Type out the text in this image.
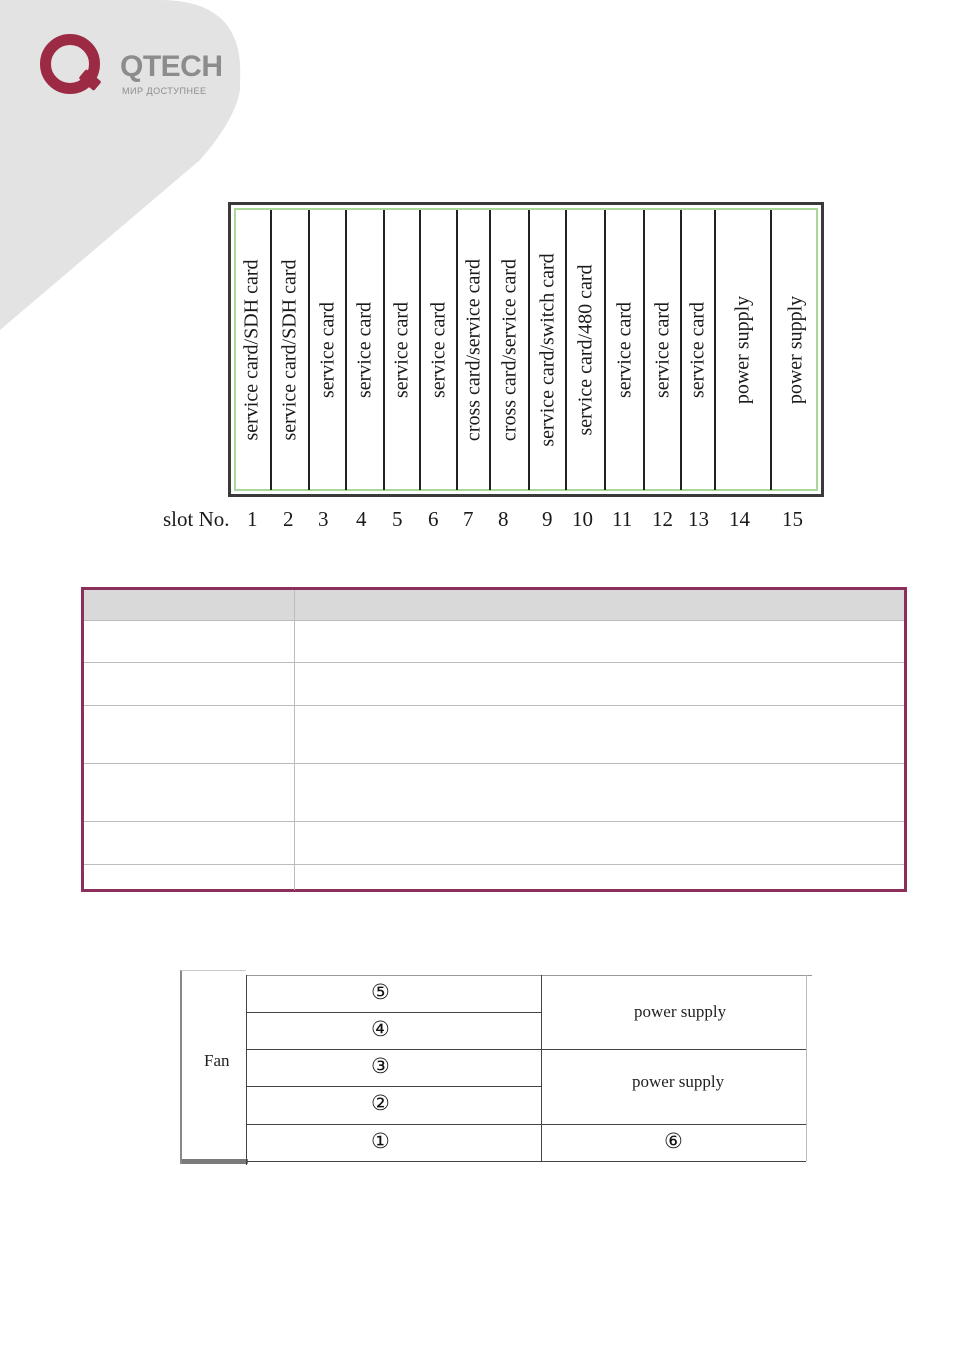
QTECH
МИР ДОСТУПНЕЕ
service card/SDH card service card/SDH card service card service card service card service card cross card/service card cross card/service card service card/switch card service card/480 card service card service card service card power supply power supply
slot No. 1 2 3 4 5 6 7 8 9 10 11 12 13 14 15
Fan
⑤
④
③
②
①
power supply
power supply
⑥
